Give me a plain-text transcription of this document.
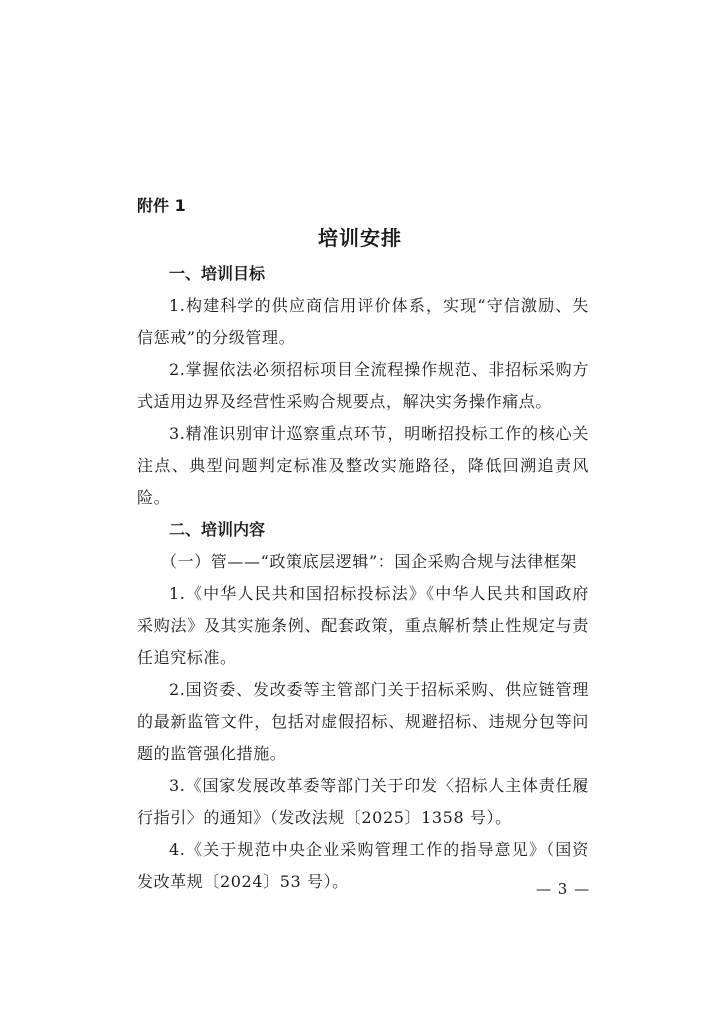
附件 1
培训安排

一、培训目标

1.构建科学的供应商信用评价体系，实现“守信激励、失信惩戒”的分级管理。

2.掌握依法必须招标项目全流程操作规范、非招标采购方式适用边界及经营性采购合规要点，解决实务操作痛点。

3.精准识别审计巡察重点环节，明晰招投标工作的核心关注点、典型问题判定标准及整改实施路径，降低回溯追责风险。

二、培训内容

（一）管——“政策底层逻辑”：国企采购合规与法律框架

1.《中华人民共和国招标投标法》《中华人民共和国政府采购法》及其实施条例、配套政策，重点解析禁止性规定与责任追究标准。

2.国资委、发改委等主管部门关于招标采购、供应链管理的最新监管文件，包括对虚假招标、规避招标、违规分包等问题的监管强化措施。

3.《国家发展改革委等部门关于印发〈招标人主体责任履行指引〉的通知》（发改法规〔2025〕1358 号）。

4.《关于规范中央企业采购管理工作的指导意见》（国资发改革规〔2024〕53 号）。	— 3 —
